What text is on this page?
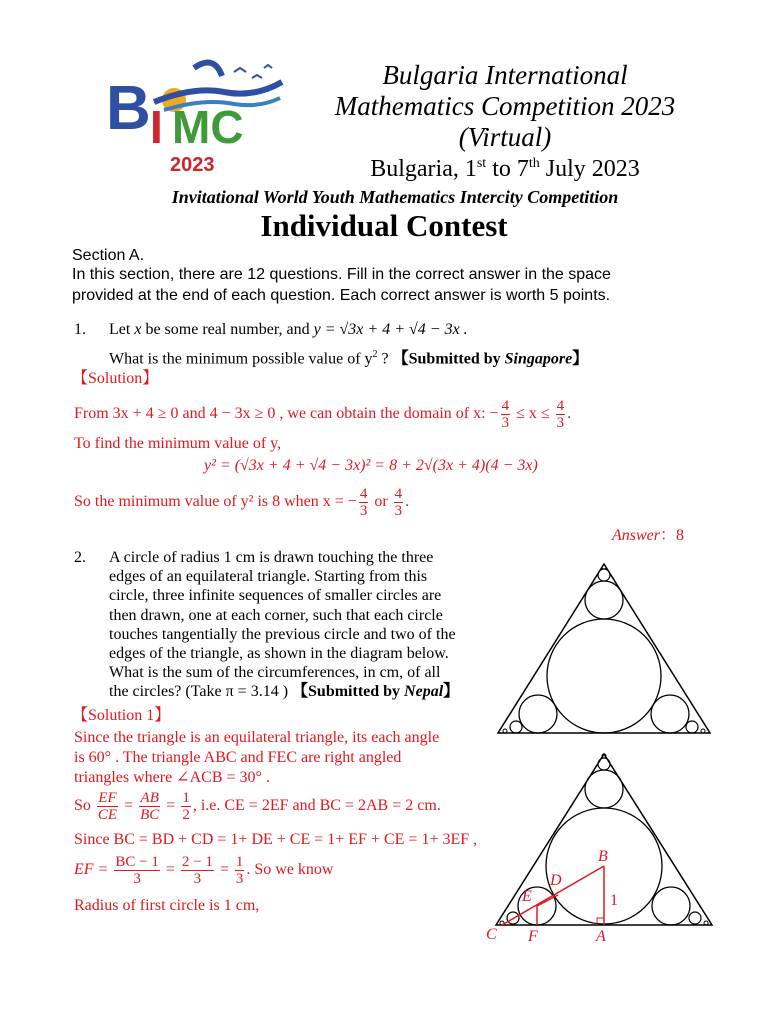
B I MC
2023
Bulgaria International
Mathematics Competition 2023
(Virtual)
Bulgaria, 1st to 7th July 2023
Invitational World Youth Mathematics Intercity Competition
Individual Contest
Section A.
In this section, there are 12 questions. Fill in the correct answer in the space
provided at the end of each question. Each correct answer is worth 5 points.
1. Let x be some real number, and y = √3x + 4 + √4 − 3x .
What is the minimum possible value of $y^2$ ? 【Submitted by Singapore】
【Solution】
From 3x + 4 ≥ 0 and 4 − 3x ≥ 0 , we can obtain the domain of x: − $\frac{4}{3} \le x \le \frac{4}{3}$ .
To find the minimum value of y,
y² = (√3x + 4 + √4 − 3x)² = 8 + 2√(3x + 4)(4 − 3x)
So the minimum value of y² is 8 when x = − $\frac{4}{3}$ or $\frac{4}{3}$ .
Answer：8
2. A circle of radius 1 cm is drawn touching the three
edges of an equilateral triangle. Starting from this
circle, three infinite sequences of smaller circles are
then drawn, one at each corner, such that each circle
touches tangentially the previous circle and two of the
edges of the triangle, as shown in the diagram below.
What is the sum of the circumferences, in cm, of all
the circles? (Take π = 3.14 ) 【Submitted by Nepal】
【Solution 1】
Since the triangle is an equilateral triangle, its each angle
is 60° . The triangle ABC and FEC are right angled
triangles where ∠ACB = 30° .
So $\frac{EF}{CE} = \frac{AB}{BC} = \frac{1}{2}$ , i.e. CE = 2EF and BC = 2AB = 2 cm.
Since BC = BD + CD = 1+ DE + CE = 1+ EF + CE = 1+ 3EF ,
EF = $\frac{BC - 1}{3} = \frac{2 - 1}{3} = \frac{1}{3}$ . So we know
Radius of first circle is 1 cm,
B
D
E	1
C F	A
